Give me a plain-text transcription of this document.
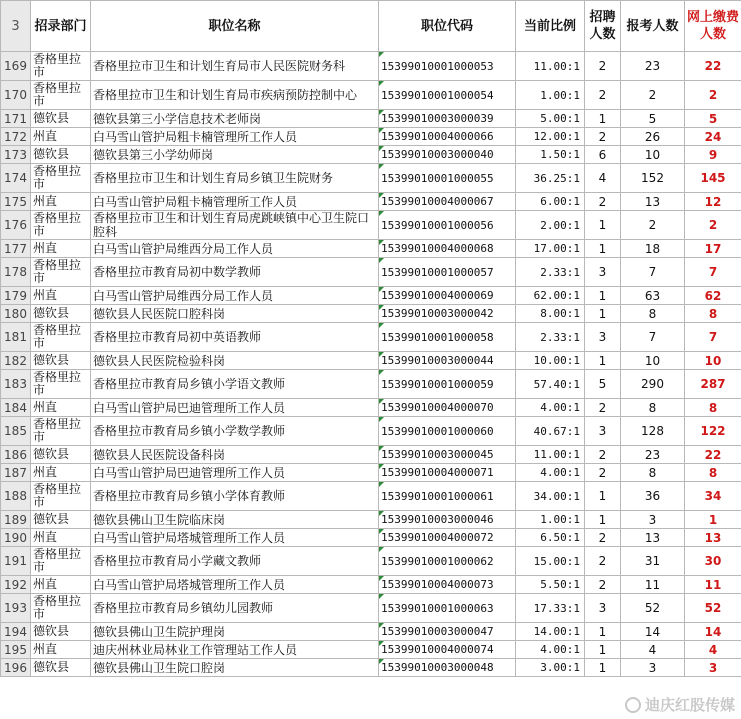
3	招录部门	职位名称	职位代码	当前比例	招聘人数	报考人数	网上缴费人数
169	香格里拉市	香格里拉市卫生和计划生育局市人民医院财务科	15399010001000053	11.00:1	2	23	22
170	香格里拉市	香格里拉市卫生和计划生育局市疾病预防控制中心	15399010001000054	1.00:1	2	2	2
171	德钦县	德钦县第三小学信息技术老师岗	15399010003000039	5.00:1	1	5	5
172	州直	白马雪山管护局粗卡楠管理所工作人员	15399010004000066	12.00:1	2	26	24
173	德钦县	德钦县第三小学幼师岗	15399010003000040	1.50:1	6	10	9
174	香格里拉市	香格里拉市卫生和计划生育局乡镇卫生院财务	15399010001000055	36.25:1	4	152	145
175	州直	白马雪山管护局粗卡楠管理所工作人员	15399010004000067	6.00:1	2	13	12
176	香格里拉市	香格里拉市卫生和计划生育局虎跳峡镇中心卫生院口腔科	15399010001000056	2.00:1	1	2	2
177	州直	白马雪山管护局维西分局工作人员	15399010004000068	17.00:1	1	18	17
178	香格里拉市	香格里拉市教育局初中数学教师	15399010001000057	2.33:1	3	7	7
179	州直	白马雪山管护局维西分局工作人员	15399010004000069	62.00:1	1	63	62
180	德钦县	德钦县人民医院口腔科岗	15399010003000042	8.00:1	1	8	8
181	香格里拉市	香格里拉市教育局初中英语教师	15399010001000058	2.33:1	3	7	7
182	德钦县	德钦县人民医院检验科岗	15399010003000044	10.00:1	1	10	10
183	香格里拉市	香格里拉市教育局乡镇小学语文教师	15399010001000059	57.40:1	5	290	287
184	州直	白马雪山管护局巴迪管理所工作人员	15399010004000070	4.00:1	2	8	8
185	香格里拉市	香格里拉市教育局乡镇小学数学教师	15399010001000060	40.67:1	3	128	122
186	德钦县	德钦县人民医院设备科岗	15399010003000045	11.00:1	2	23	22
187	州直	白马雪山管护局巴迪管理所工作人员	15399010004000071	4.00:1	2	8	8
188	香格里拉市	香格里拉市教育局乡镇小学体育教师	15399010001000061	34.00:1	1	36	34
189	德钦县	德钦县佛山卫生院临床岗	15399010003000046	1.00:1	1	3	1
190	州直	白马雪山管护局塔城管理所工作人员	15399010004000072	6.50:1	2	13	13
191	香格里拉市	香格里拉市教育局小学藏文教师	15399010001000062	15.00:1	2	31	30
192	州直	白马雪山管护局塔城管理所工作人员	15399010004000073	5.50:1	2	11	11
193	香格里拉市	香格里拉市教育局乡镇幼儿园教师	15399010001000063	17.33:1	3	52	52
194	德钦县	德钦县佛山卫生院护理岗	15399010003000047	14.00:1	1	14	14
195	州直	迪庆州林业局林业工作管理站工作人员	15399010004000074	4.00:1	1	4	4
196	德钦县	德钦县佛山卫生院口腔岗	15399010003000048	3.00:1	1	3	3
迪庆红股传媒
